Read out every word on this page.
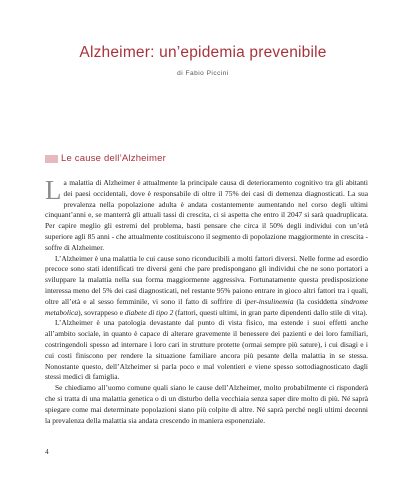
Alzheimer: un’epidemia prevenibile
di Fabio Piccini
Le cause dell’Alzheimer

La malattia di Alzheimer è attualmente la principale causa di deterioramento cognitivo tra gli abitanti dei paesi occidentali, dove è responsabile di oltre il 75% dei casi di demenza diagnosticati. La sua prevalenza nella popolazione adulta è andata costantemente aumentando nel corso degli ultimi cinquant’anni e, se manterrà gli attuali tassi di crescita, ci si aspetta che entro il 2047 si sarà quadruplicata. Per capire meglio gli estremi del problema, basti pensare che circa il 50% degli individui con un’età superiore agli 85 anni - che attualmente costituiscono il segmento di popolazione maggiormente in crescita - soffre di Alzheimer.

L’Alzheimer è una malattia le cui cause sono riconducibili a molti fattori diversi. Nelle forme ad esordio precoce sono stati identificati tre diversi geni che pare predispongano gli individui che ne sono portatori a sviluppare la malattia nella sua forma maggiormente aggressiva. Fortunatamente questa predisposizione interessa meno del 5% dei casi diagnosticati, nel restante 95% paiono entrare in gioco altri fattori tra i quali, oltre all’età e al sesso femminile, vi sono il fatto di soffrire di iper-insulinemia (la cosiddetta sindrome metabolica), sovrappeso e diabete di tipo 2 (fattori, questi ultimi, in gran parte dipendenti dallo stile di vita).

L’Alzheimer è una patologia devastante dal punto di vista fisico, ma estende i suoi effetti anche all’ambito sociale, in quanto è capace di alterare gravemente il benessere dei pazienti e dei loro familiari, costringendoli spesso ad internare i loro cari in strutture protette (ormai sempre più sature), i cui disagi e i cui costi finiscono per rendere la situazione familiare ancora più pesante della malattia in se stessa. Nonostante questo, dell’Alzheimer si parla poco e mal volentieri e viene spesso sottodiagnosticato dagli stessi medici di famiglia.

Se chiediamo all’uomo comune quali siano le cause dell’Alzheimer, molto probabilmente ci risponderà che si tratta di una malattia genetica o di un disturbo della vecchiaia senza saper dire molto di più. Né saprà spiegare come mai determinate popolazioni siano più colpite di altre. Né saprà perché negli ultimi decenni la prevalenza della malattia sia andata crescendo in maniera esponenziale.

4
